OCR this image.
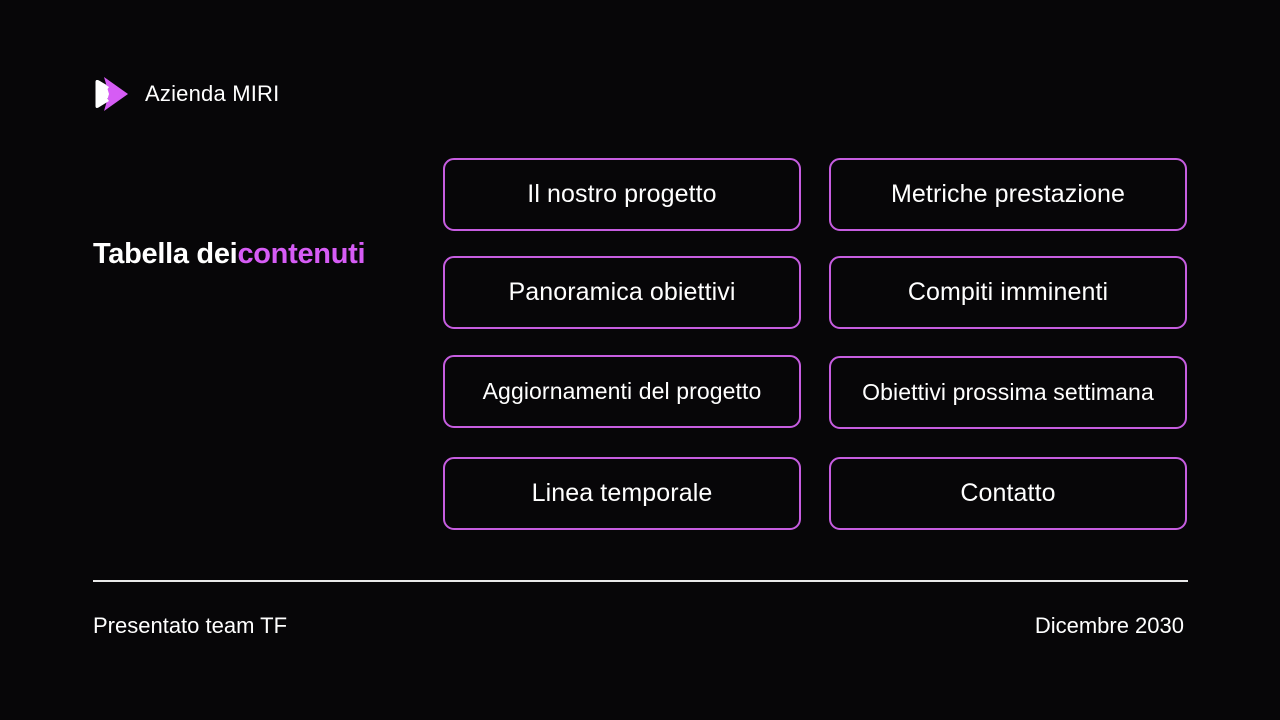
Azienda MIRI
Tabella deicontenuti
Il nostro progetto	Metriche prestazione
Panoramica obiettivi	Compiti imminenti
Aggiornamenti del progetto	Obiettivi prossima settimana
Linea temporale	Contatto
Presentato team TF	Dicembre 2030
